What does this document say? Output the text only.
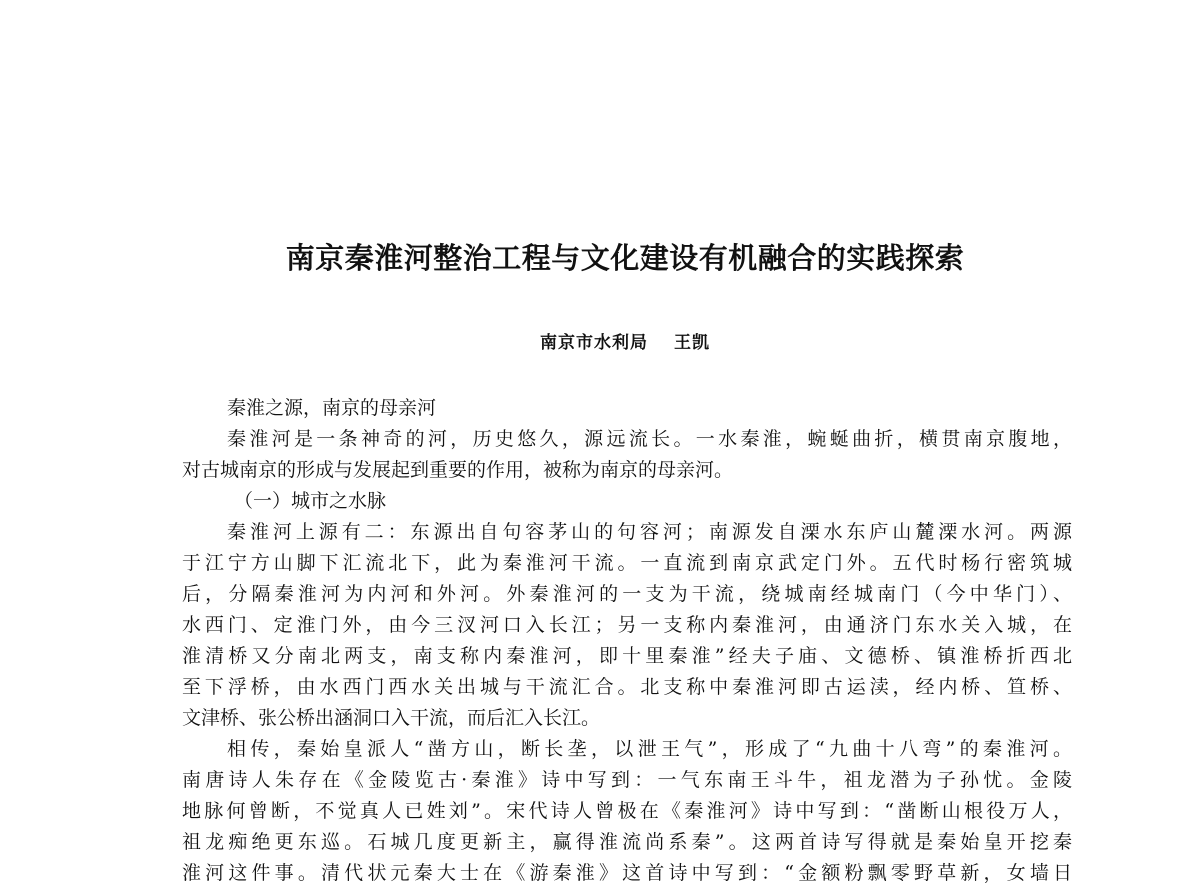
南京秦淮河整治工程与文化建设有机融合的实践探索
南京市水利局 王凯
秦淮之源，南京的母亲河
秦淮河是一条神奇的河，历史悠久，源远流长。一水秦淮，蜿蜒曲折，横贯南京腹地，
对古城南京的形成与发展起到重要的作用，被称为南京的母亲河。
（一）城市之水脉
秦淮河上源有二：东源出自句容茅山的句容河；南源发自溧水东庐山麓溧水河。两源
于江宁方山脚下汇流北下，此为秦淮河干流。一直流到南京武定门外。五代时杨行密筑城
后，分隔秦淮河为内河和外河。外秦淮河的一支为干流，绕城南经城南门（今中华门）、
水西门、定淮门外，由今三汊河口入长江；另一支称内秦淮河，由通济门东水关入城，在
淮清桥又分南北两支，南支称内秦淮河，即十里秦淮”经夫子庙、文德桥、镇淮桥折西北
至下浮桥，由水西门西水关出城与干流汇合。北支称中秦淮河即古运渎，经内桥、笪桥、
文津桥、张公桥出涵洞口入干流，而后汇入长江。
相传，秦始皇派人“凿方山，断长垄，以泄王气”，形成了“九曲十八弯”的秦淮河。
南唐诗人朱存在《金陵览古·秦淮》诗中写到：一气东南王斗牛，祖龙潜为子孙忧。金陵
地脉何曾断，不觉真人已姓刘”。宋代诗人曾极在《秦淮河》诗中写到：“凿断山根役万人，
祖龙痴绝更东巡。石城几度更新主，赢得淮流尚系秦”。这两首诗写得就是秦始皇开挖秦
淮河这件事。清代状元秦大士在《游秦淮》这首诗中写到：“金额粉飘零野草新，女墙日
